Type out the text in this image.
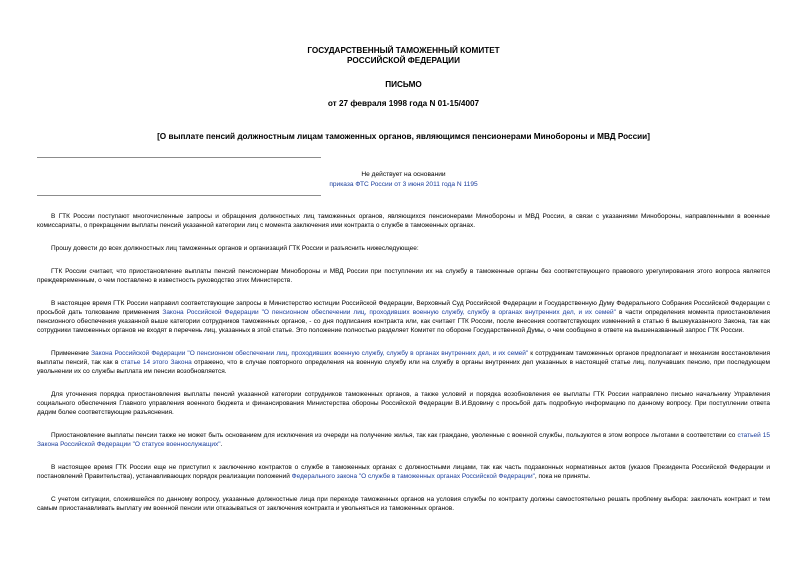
ГОСУДАРСТВЕННЫЙ ТАМОЖЕННЫЙ КОМИТЕТ
РОССИЙСКОЙ ФЕДЕРАЦИИ
ПИСЬМО
от 27 февраля 1998 года N 01-15/4007
[О выплате пенсий должностным лицам таможенных органов, являющимся пенсионерами Минобороны и МВД России]
Не действует на основании
приказа ФТС России от 3 июня 2011 года N 1195

В ГТК России поступают многочисленные запросы и обращения должностных лиц таможенных органов, являющихся пенсионерами Минобороны и МВД России, в связи с указаниями Минобороны, направленными в военные комиссариаты, о прекращении выплаты пенсий указанной категории лиц с момента заключения ими контракта о службе в таможенных органах.

Прошу довести до всех должностных лиц таможенных органов и организаций ГТК России и разъяснить нижеследующее:

ГТК России считает, что приостановление выплаты пенсий пенсионерам Минобороны и МВД России при поступлении их на службу в таможенные органы без соответствующего правового урегулирования этого вопроса является преждевременным, о чем поставлено в известность руководство этих Министерств.

В настоящее время ГТК России направил соответствующие запросы в Министерство юстиции Российской Федерации, Верховный Суд Российской Федерации и Государственную Думу Федерального Собрания Российской Федерации с просьбой дать толкование применения Закона Российской Федерации "О пенсионном обеспечении лиц, проходивших военную службу, службу в органах внутренних дел, и их семей" в части определения момента приостановления пенсионного обеспечения указанной выше категории сотрудников таможенных органов, - со дня подписания контракта или, как считает ГТК России, после внесения соответствующих изменений в статью 6 вышеуказанного Закона, так как сотрудники таможенных органов не входят в перечень лиц, указанных в этой статье. Это положение полностью разделяет Комитет по обороне Государственной Думы, о чем сообщено в ответе на вышеназванный запрос ГТК России.

Применение Закона Российской Федерации "О пенсионном обеспечении лиц, проходивших военную службу, службу в органах внутренних дел, и их семей" к сотрудникам таможенных органов предполагает и механизм восстановления выплаты пенсий, так как в статье 14 этого Закона отражено, что в случае повторного определения на военную службу или на службу в органы внутренних дел указанных в настоящей статье лиц, получавших пенсию, при последующем увольнении их со службы выплата им пенсии возобновляется.

Для уточнения порядка приостановления выплаты пенсий указанной категории сотрудников таможенных органов, а также условий и порядка возобновления ее выплаты ГТК России направлено письмо начальнику Управления социального обеспечения Главного управления военного бюджета и финансирования Министерства обороны Российской Федерации В.И.Вдовину с просьбой дать подробную информацию по данному вопросу. При поступлении ответа дадим более соответствующие разъяснения.

Приостановление выплаты пенсии также не может быть основанием для исключения из очереди на получение жилья, так как граждане, уволенные с военной службы, пользуются в этом вопросе льготами в соответствии со статьей 15 Закона Российской Федерации "О статусе военнослужащих".

В настоящее время ГТК России еще не приступил к заключению контрактов о службе в таможенных органах с должностными лицами, так как часть подзаконных нормативных актов (указов Президента Российской Федерации и постановлений Правительства), устанавливающих порядок реализации положений Федерального закона "О службе в таможенных органах Российской Федерации", пока не приняты.

С учетом ситуации, сложившейся по данному вопросу, указанные должностные лица при переходе таможенных органов на условия службы по контракту должны самостоятельно решать проблему выбора: заключать контракт и тем самым приостанавливать выплату им военной пенсии или отказываться от заключения контракта и увольняться из таможенных органов.
